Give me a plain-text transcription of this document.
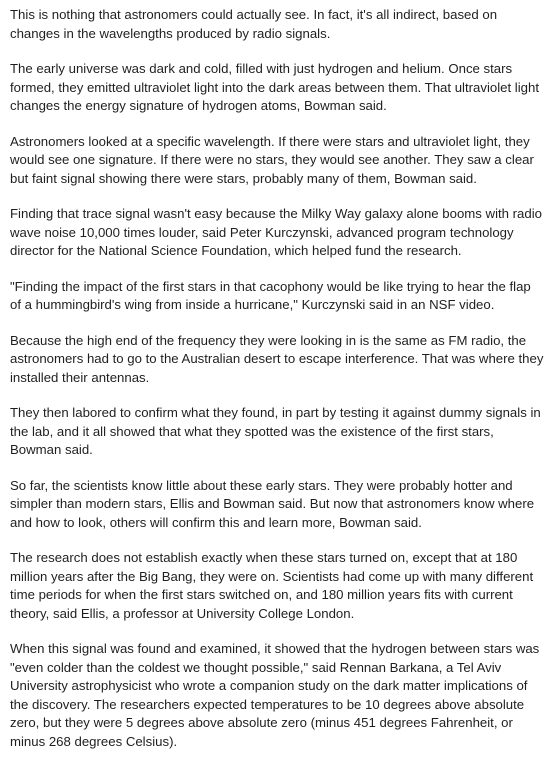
This is nothing that astronomers could actually see. In fact, it's all indirect, based on changes in the wavelengths produced by radio signals.

The early universe was dark and cold, filled with just hydrogen and helium. Once stars formed, they emitted ultraviolet light into the dark areas between them. That ultraviolet light changes the energy signature of hydrogen atoms, Bowman said.

Astronomers looked at a specific wavelength. If there were stars and ultraviolet light, they would see one signature. If there were no stars, they would see another. They saw a clear but faint signal showing there were stars, probably many of them, Bowman said.

Finding that trace signal wasn't easy because the Milky Way galaxy alone booms with radio wave noise 10,000 times louder, said Peter Kurczynski, advanced program technology director for the National Science Foundation, which helped fund the research.

"Finding the impact of the first stars in that cacophony would be like trying to hear the flap of a hummingbird's wing from inside a hurricane," Kurczynski said in an NSF video.

Because the high end of the frequency they were looking in is the same as FM radio, the astronomers had to go to the Australian desert to escape interference. That was where they installed their antennas.

They then labored to confirm what they found, in part by testing it against dummy signals in the lab, and it all showed that what they spotted was the existence of the first stars, Bowman said.

So far, the scientists know little about these early stars. They were probably hotter and simpler than modern stars, Ellis and Bowman said. But now that astronomers know where and how to look, others will confirm this and learn more, Bowman said.

The research does not establish exactly when these stars turned on, except that at 180 million years after the Big Bang, they were on. Scientists had come up with many different time periods for when the first stars switched on, and 180 million years fits with current theory, said Ellis, a professor at University College London.

When this signal was found and examined, it showed that the hydrogen between stars was "even colder than the coldest we thought possible," said Rennan Barkana, a Tel Aviv University astrophysicist who wrote a companion study on the dark matter implications of the discovery. The researchers expected temperatures to be 10 degrees above absolute zero, but they were 5 degrees above absolute zero (minus 451 degrees Fahrenheit, or minus 268 degrees Celsius).
